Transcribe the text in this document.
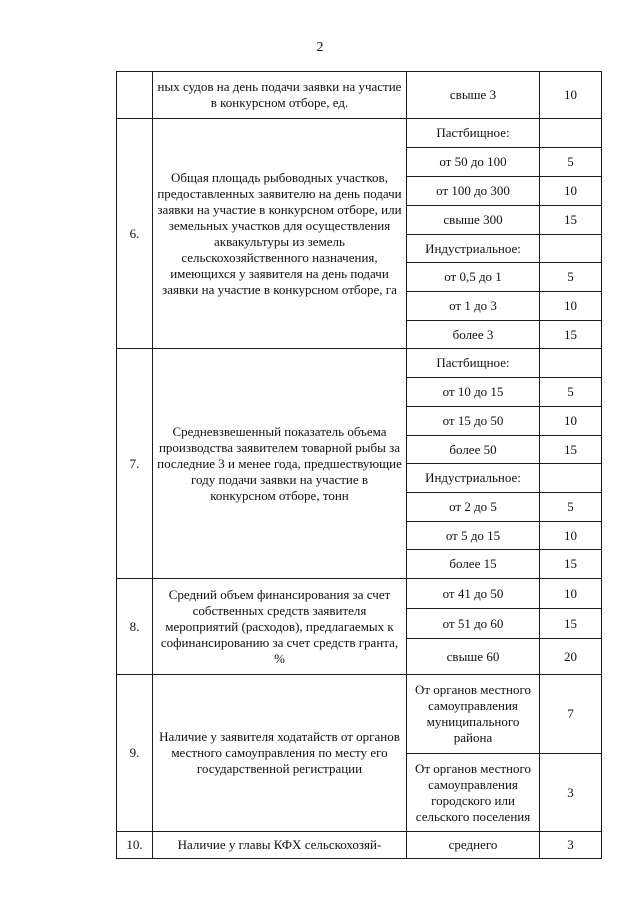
2
	ных судов на день подачи заявки на участие в конкурсном отборе, ед.	свыше 3	10
6.	Общая площадь рыбоводных участков, предоставленных заявителю на день подачи заявки на участие в конкурсном отборе, или земельных участков для осуществления аквакультуры из земель сельскохозяйственного назначения, имеющихся у заявителя на день подачи заявки на участие в конкурсном отборе, га	Пастбищное:	
		от 50 до 100	5
		от 100 до 300	10
		свыше 300	15
		Индустриальное:	
		от 0,5 до 1	5
		от 1 до 3	10
		более 3	15
7.	Средневзвешенный показатель объема производства заявителем товарной рыбы за последние 3 и менее года, предшествующие году подачи заявки на участие в конкурсном отборе, тонн	Пастбищное:	
		от 10 до 15	5
		от 15 до 50	10
		более 50	15
		Индустриальное:	
		от 2 до 5	5
		от 5 до 15	10
		более 15	15
8.	Средний объем финансирования за счет собственных средств заявителя мероприятий (расходов), предлагаемых к софинансированию за счет средств гранта, %	от 41 до 50	10
		от 51 до 60	15
		свыше 60	20
9.	Наличие у заявителя ходатайств от органов местного самоуправления по месту его государственной регистрации	От органов местного самоуправления муниципального района	7
		От органов местного самоуправления городского или сельского поселения	3
10.	Наличие у главы КФХ сельскохозяй-	среднего	3
